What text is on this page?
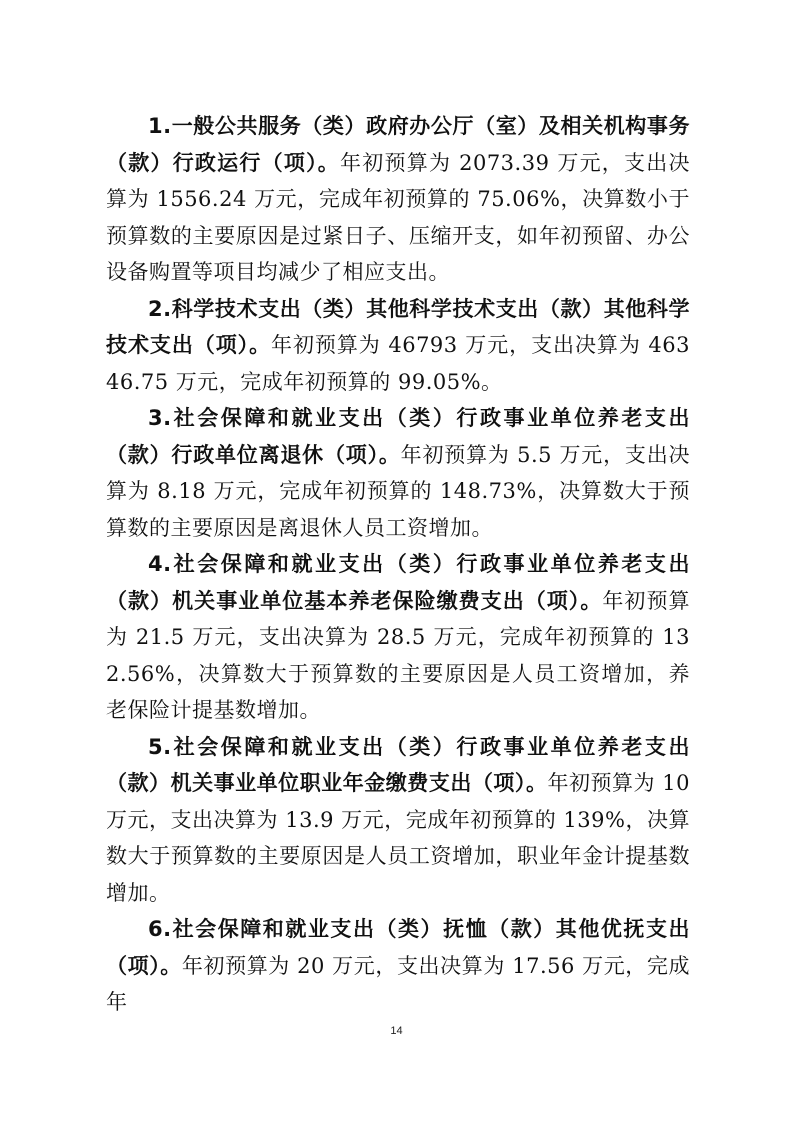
1.一般公共服务（类）政府办公厅（室）及相关机构事务（款）行政运行（项）。年初预算为 2073.39 万元，支出决算为 1556.24 万元，完成年初预算的 75.06%，决算数小于预算数的主要原因是过紧日子、压缩开支，如年初预留、办公设备购置等项目均减少了相应支出。

2.科学技术支出（类）其他科学技术支出（款）其他科学技术支出（项）。年初预算为 46793 万元，支出决算为 46346.75 万元，完成年初预算的 99.05%。

3.社会保障和就业支出（类）行政事业单位养老支出（款）行政单位离退休（项）。年初预算为 5.5 万元，支出决算为 8.18 万元，完成年初预算的 148.73%，决算数大于预算数的主要原因是离退休人员工资增加。

4.社会保障和就业支出（类）行政事业单位养老支出（款）机关事业单位基本养老保险缴费支出（项）。年初预算为 21.5 万元，支出决算为 28.5 万元，完成年初预算的 132.56%，决算数大于预算数的主要原因是人员工资增加，养老保险计提基数增加。

5.社会保障和就业支出（类）行政事业单位养老支出（款）机关事业单位职业年金缴费支出（项）。年初预算为 10 万元，支出决算为 13.9 万元，完成年初预算的 139%，决算数大于预算数的主要原因是人员工资增加，职业年金计提基数增加。

6.社会保障和就业支出（类）抚恤（款）其他优抚支出（项）。年初预算为 20 万元，支出决算为 17.56 万元，完成年

14
